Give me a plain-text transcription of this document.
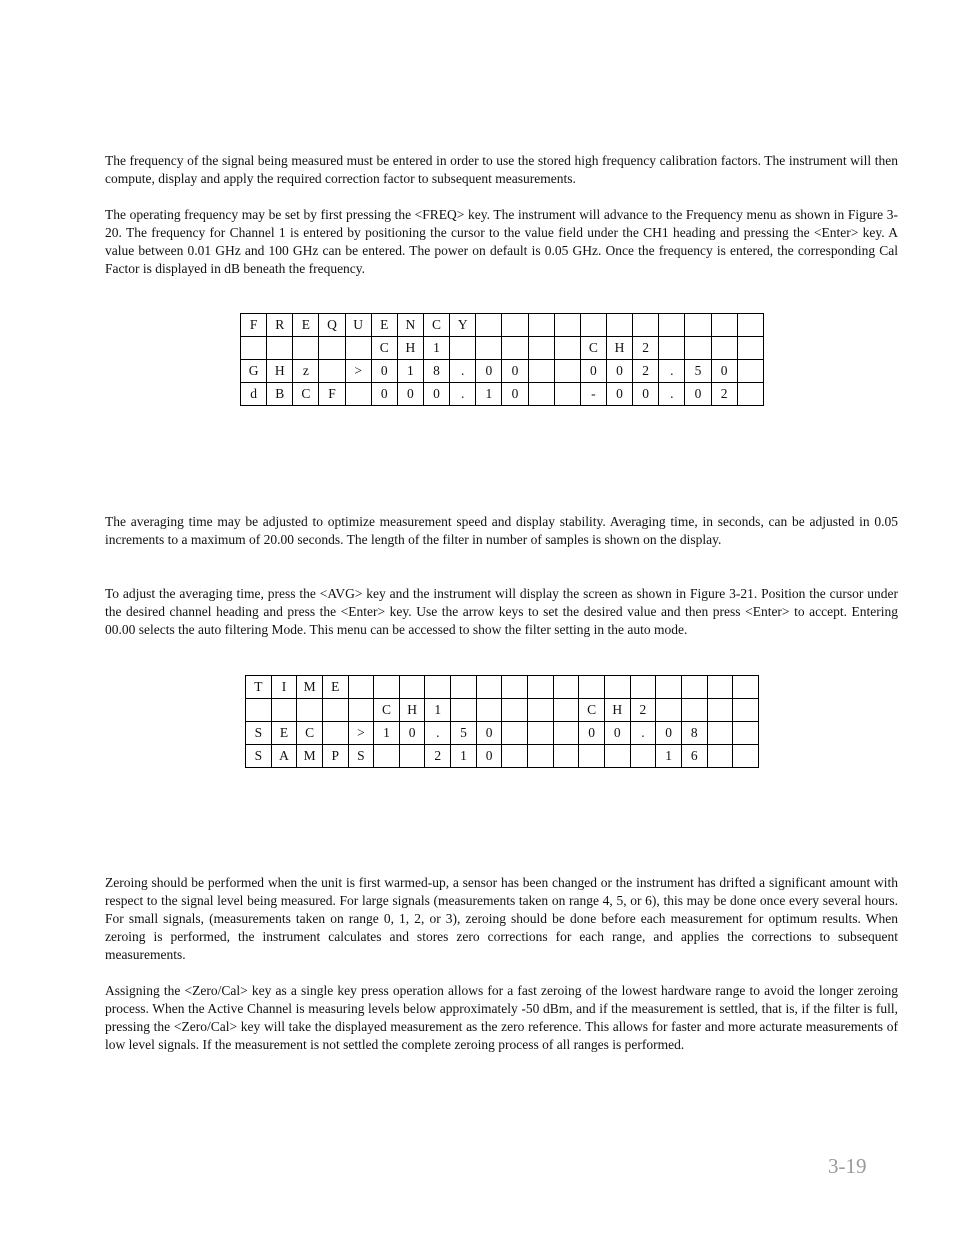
The frequency of the signal being measured must be entered in order to use the stored high frequency calibration factors. The instrument will then compute, display and apply the required correction factor to subsequent measurements.

The operating frequency may be set by first pressing the <FREQ> key. The instrument will advance to the Frequency menu as shown in Figure 3-20. The frequency for Channel 1 is entered by positioning the cursor to the value field under the CH1 heading and pressing the <Enter> key. A value between 0.01 GHz and 100 GHz can be entered. The power on default is 0.05 GHz. Once the frequency is entered, the corresponding Cal Factor is displayed in dB beneath the frequency.

F	R	E	Q	U	E	N	C	Y											
					C	H	1						C	H	2				
G	H	z		>	0	1	8	.	0	0			0	0	2	.	5	0	
d	B	C	F		0	0	0	.	1	0			-	0	0	.	0	2	

The averaging time may be adjusted to optimize measurement speed and display stability. Averaging time, in seconds, can be adjusted in 0.05 increments to a maximum of 20.00 seconds. The length of the filter in number of samples is shown on the display.

To adjust the averaging time, press the <AVG> key and the instrument will display the screen as shown in Figure 3-21. Position the cursor under the desired channel heading and press the <Enter> key. Use the arrow keys to set the desired value and then press <Enter> to accept. Entering 00.00 selects the auto filtering Mode. This menu can be accessed to show the filter setting in the auto mode.

T	I	M	E																
					C	H	1						C	H	2				
S	E	C		>	1	0	.	5	0				0	0	.	0	8		
S	A	M	P	S			2	1	0							1	6		

Zeroing should be performed when the unit is first warmed-up, a sensor has been changed or the instrument has drifted a significant amount with respect to the signal level being measured. For large signals (measurements taken on range 4, 5, or 6), this may be done once every several hours. For small signals, (measurements taken on range 0, 1, 2, or 3), zeroing should be done before each measurement for optimum results. When zeroing is performed, the instrument calculates and stores zero corrections for each range, and applies the corrections to subsequent measurements.

Assigning the <Zero/Cal> key as a single key press operation allows for a fast zeroing of the lowest hardware range to avoid the longer zeroing process. When the Active Channel is measuring levels below approximately -50 dBm, and if the measurement is settled, that is, if the filter is full, pressing the <Zero/Cal> key will take the displayed measurement as the zero reference. This allows for faster and more acturate measurements of low level signals. If the measurement is not settled the complete zeroing process of all ranges is performed.

3-19
